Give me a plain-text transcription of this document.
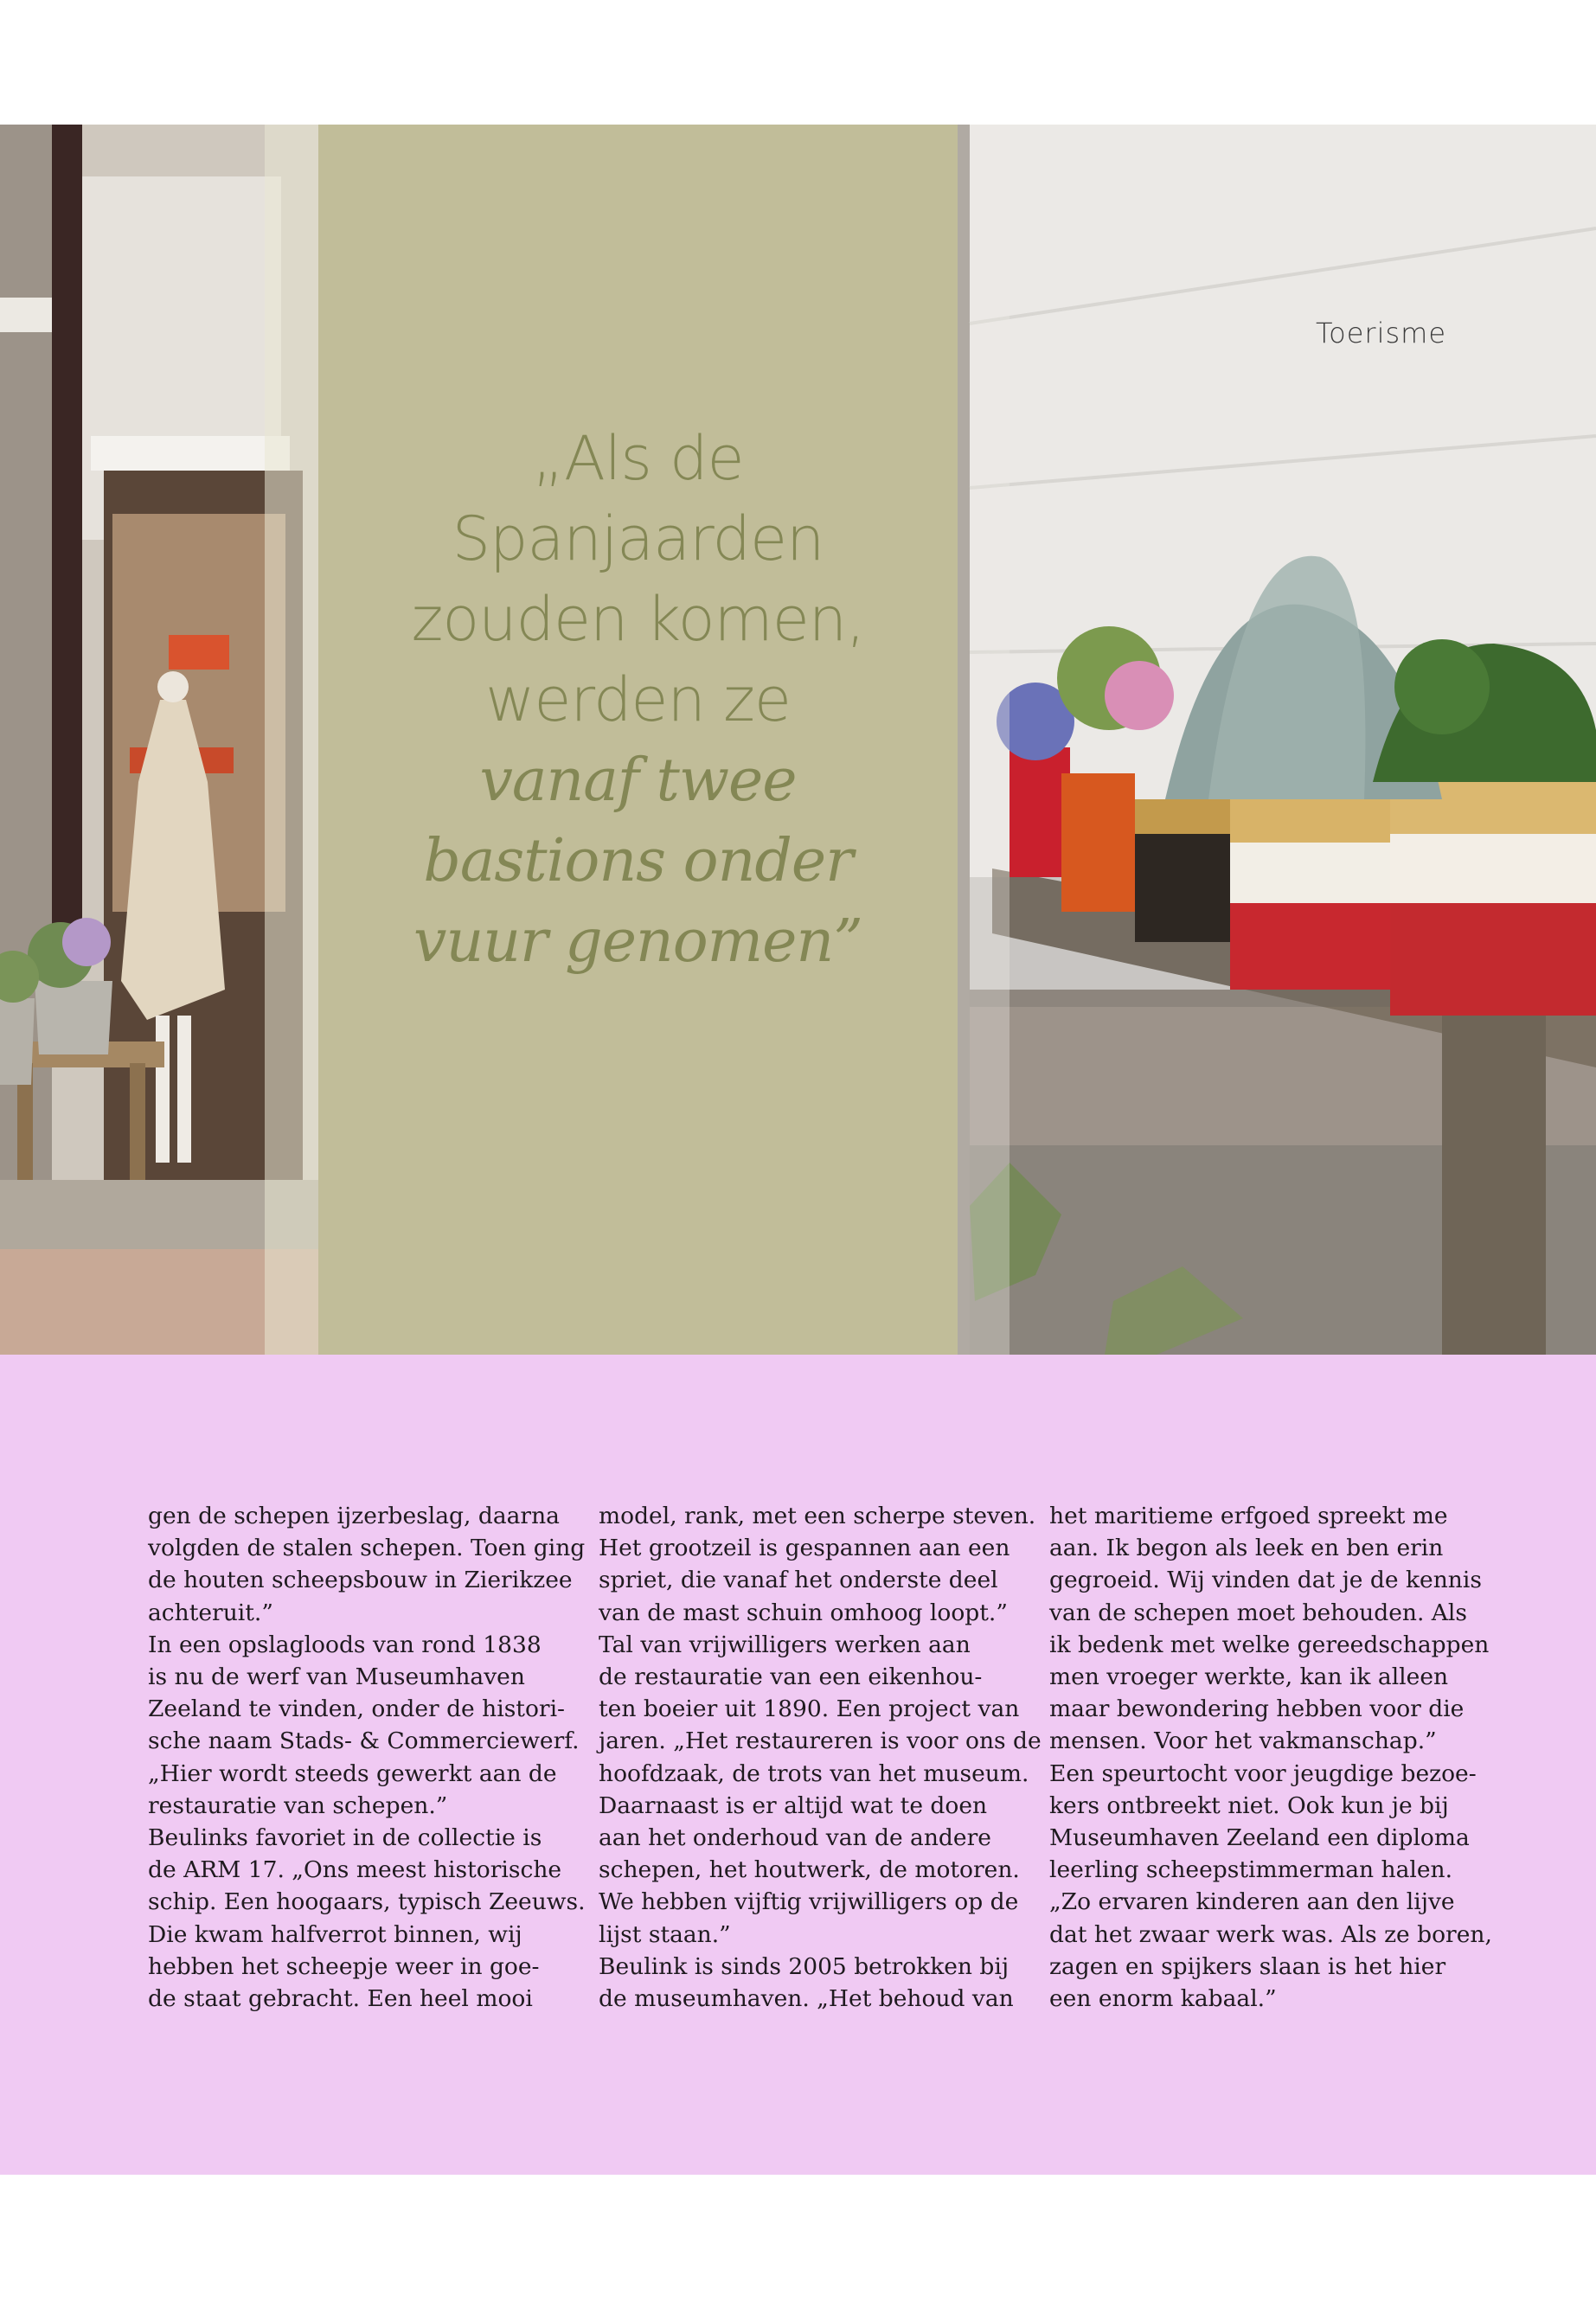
„Als de
Spanjaarden
zouden komen,
werden ze
vanaf twee
bastions onder
vuur genomen”
Toerisme
gen de schepen ijzerbeslag, daarna
volgden de stalen schepen. Toen ging
de houten scheepsbouw in Zierikzee
achteruit.”
In een opslagloods van rond 1838
is nu de werf van Museumhaven
Zeeland te vinden, onder de histori-
sche naam Stads- & Commerciewerf.
„Hier wordt steeds gewerkt aan de
restauratie van schepen.”
Beulinks favoriet in de collectie is
de ARM 17. „Ons meest historische
schip. Een hoogaars, typisch Zeeuws.
Die kwam halfverrot binnen, wij
hebben het scheepje weer in goe-
de staat gebracht. Een heel mooi
model, rank, met een scherpe steven.
Het grootzeil is gespannen aan een
spriet, die vanaf het onderste deel
van de mast schuin omhoog loopt.”
Tal van vrijwilligers werken aan
de restauratie van een eikenhou-
ten boeier uit 1890. Een project van
jaren. „Het restaureren is voor ons de
hoofdzaak, de trots van het museum.
Daarnaast is er altijd wat te doen
aan het onderhoud van de andere
schepen, het houtwerk, de motoren.
We hebben vijftig vrijwilligers op de
lijst staan.”
Beulink is sinds 2005 betrokken bij
de museumhaven. „Het behoud van
het maritieme erfgoed spreekt me
aan. Ik begon als leek en ben erin
gegroeid. Wij vinden dat je de kennis
van de schepen moet behouden. Als
ik bedenk met welke gereedschappen
men vroeger werkte, kan ik alleen
maar bewondering hebben voor die
mensen. Voor het vakmanschap.”
Een speurtocht voor jeugdige bezoe-
kers ontbreekt niet. Ook kun je bij
Museumhaven Zeeland een diploma
leerling scheepstimmerman halen.
„Zo ervaren kinderen aan den lijve
dat het zwaar werk was. Als ze boren,
zagen en spijkers slaan is het hier
een enorm kabaal.”
